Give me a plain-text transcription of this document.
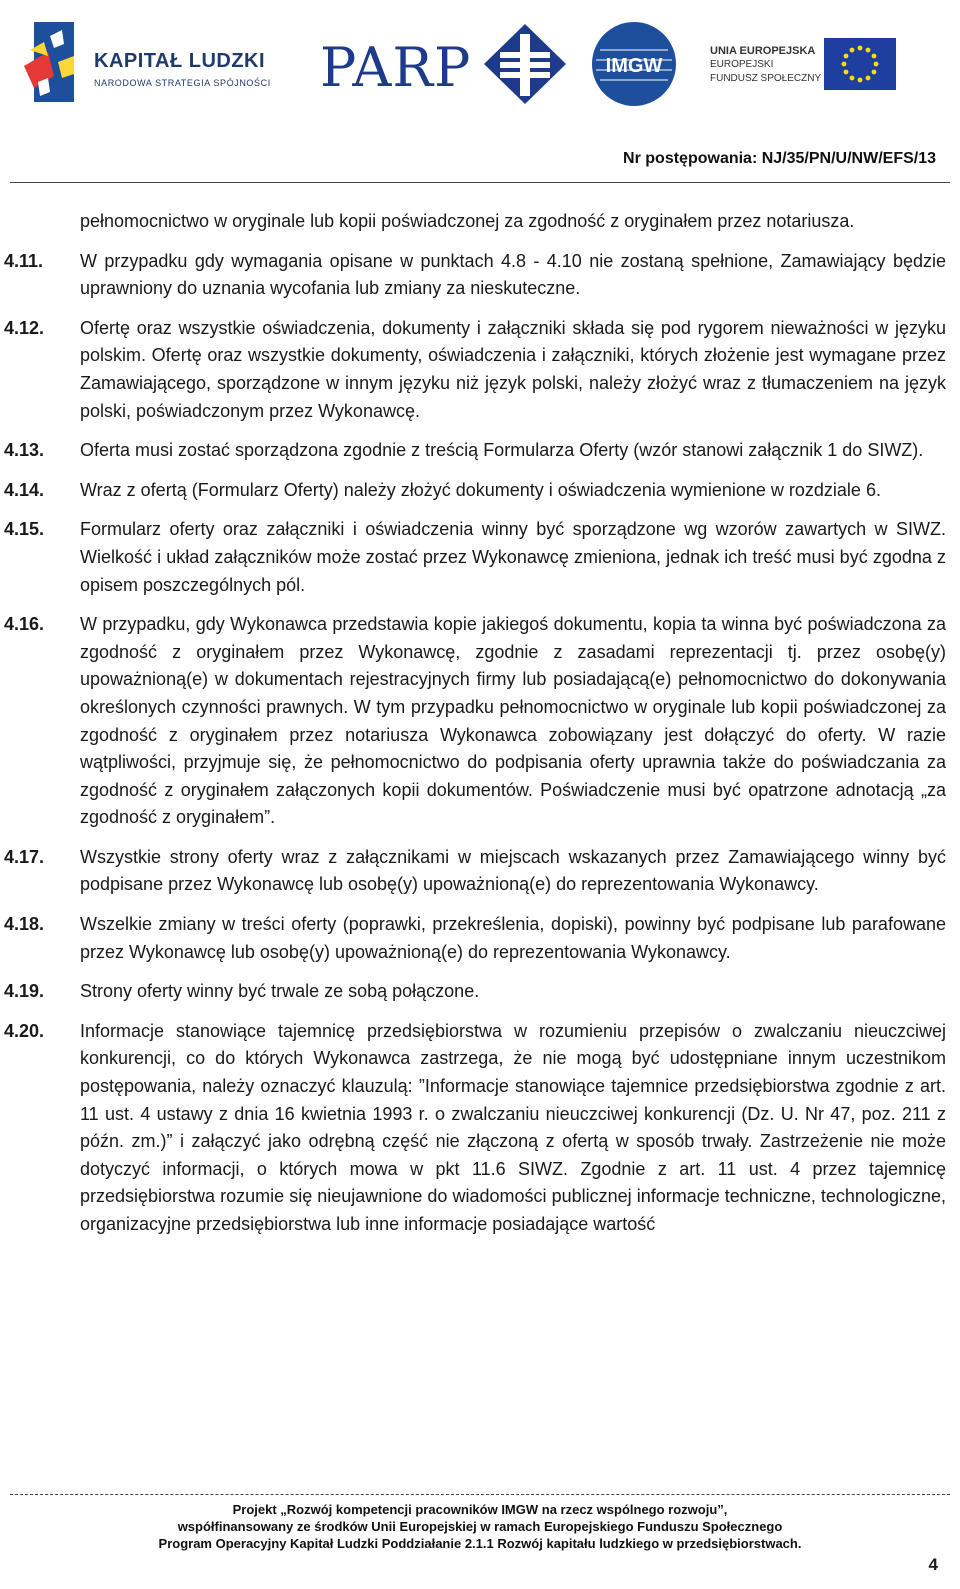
KAPITAŁ LUDZKI
NARODOWA STRATEGIA SPÓJNOŚCI PARP	IMGW
UNIA EUROPEJSKA
EUROPEJSKI
FUNDUSZ SPOŁECZNY
Nr postępowania: NJ/35/PN/U/NW/EFS/13
pełnomocnictwo w oryginale lub kopii poświadczonej za zgodność z oryginałem przez notariusza.
4.11. W przypadku gdy wymagania opisane w punktach 4.8 - 4.10 nie zostaną spełnione, Zamawiający będzie uprawniony do uznania wycofania lub zmiany za nieskuteczne.
4.12. Ofertę oraz wszystkie oświadczenia, dokumenty i załączniki składa się pod rygorem nieważności w języku polskim. Ofertę oraz wszystkie dokumenty, oświadczenia i załączniki, których złożenie jest wymagane przez Zamawiającego, sporządzone w innym języku niż język polski, należy złożyć wraz z tłumaczeniem na język polski, poświadczonym przez Wykonawcę.
4.13. Oferta musi zostać sporządzona zgodnie z treścią Formularza Oferty (wzór stanowi załącznik 1 do SIWZ).
4.14. Wraz z ofertą (Formularz Oferty) należy złożyć dokumenty i oświadczenia wymienione w rozdziale 6.
4.15. Formularz oferty oraz załączniki i oświadczenia winny być sporządzone wg wzorów zawartych w SIWZ. Wielkość i układ załączników może zostać przez Wykonawcę zmieniona, jednak ich treść musi być zgodna z opisem poszczególnych pól.
4.16. W przypadku, gdy Wykonawca przedstawia kopie jakiegoś dokumentu, kopia ta winna być poświadczona za zgodność z oryginałem przez Wykonawcę, zgodnie z zasadami reprezentacji tj. przez osobę(y) upoważnioną(e) w dokumentach rejestracyjnych firmy lub posiadającą(e) pełnomocnictwo do dokonywania określonych czynności prawnych. W tym przypadku pełnomocnictwo w oryginale lub kopii poświadczonej za zgodność z oryginałem przez notariusza Wykonawca zobowiązany jest dołączyć do oferty. W razie wątpliwości, przyjmuje się, że pełnomocnictwo do podpisania oferty uprawnia także do poświadczania za zgodność z oryginałem załączonych kopii dokumentów. Poświadczenie musi być opatrzone adnotacją „za zgodność z oryginałem”.
4.17. Wszystkie strony oferty wraz z załącznikami w miejscach wskazanych przez Zamawiającego winny być podpisane przez Wykonawcę lub osobę(y) upoważnioną(e) do reprezentowania Wykonawcy.
4.18. Wszelkie zmiany w treści oferty (poprawki, przekreślenia, dopiski), powinny być podpisane lub parafowane przez Wykonawcę lub osobę(y) upoważnioną(e) do reprezentowania Wykonawcy.
4.19. Strony oferty winny być trwale ze sobą połączone.
4.20. Informacje stanowiące tajemnicę przedsiębiorstwa w rozumieniu przepisów o zwalczaniu nieuczciwej konkurencji, co do których Wykonawca zastrzega, że nie mogą być udostępniane innym uczestnikom postępowania, należy oznaczyć klauzulą: ”Informacje stanowiące tajemnice przedsiębiorstwa zgodnie z art. 11 ust. 4 ustawy z dnia 16 kwietnia 1993 r. o zwalczaniu nieuczciwej konkurencji (Dz. U. Nr 47, poz. 211 z późn. zm.)” i załączyć jako odrębną część nie złączoną z ofertą w sposób trwały. Zastrzeżenie nie może dotyczyć informacji, o których mowa w pkt 11.6 SIWZ. Zgodnie z art. 11 ust. 4 przez tajemnicę przedsiębiorstwa rozumie się nieujawnione do wiadomości publicznej informacje techniczne, technologiczne, organizacyjne przedsiębiorstwa lub inne informacje posiadające wartość
Projekt „Rozwój kompetencji pracowników IMGW na rzecz wspólnego rozwoju”,
współfinansowany ze środków Unii Europejskiej w ramach Europejskiego Funduszu Społecznego
Program Operacyjny Kapitał Ludzki Poddziałanie 2.1.1 Rozwój kapitału ludzkiego w przedsiębiorstwach.
4
